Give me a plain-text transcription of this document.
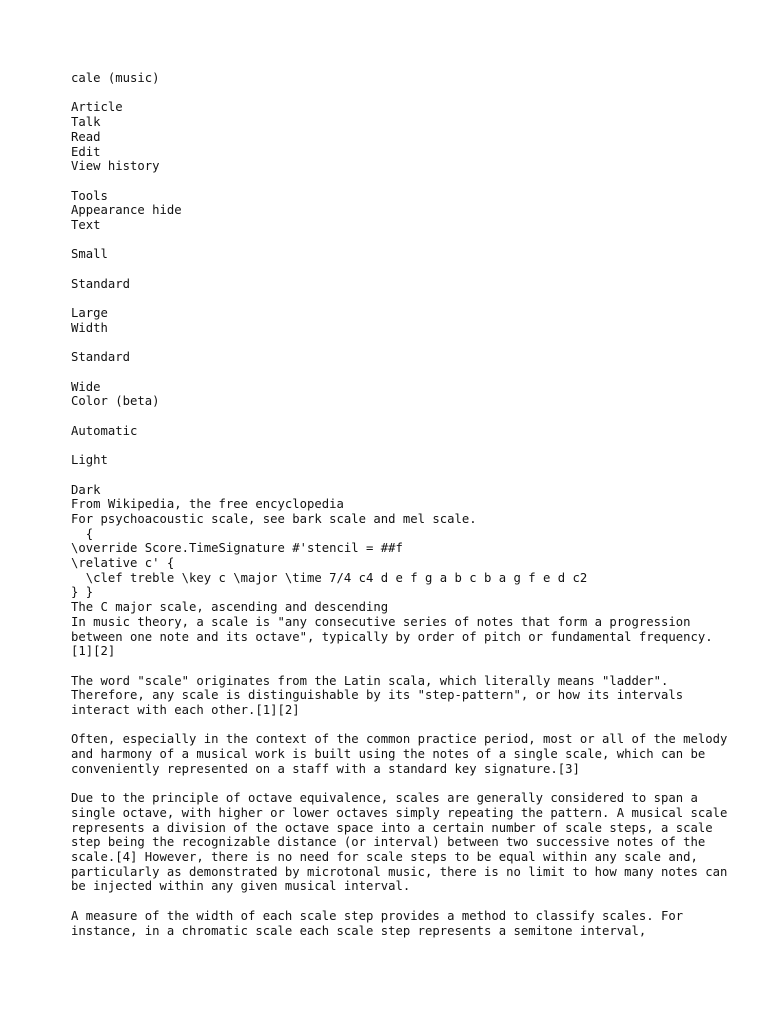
cale (music)
Article
Talk
Read
Edit
View history
Tools
Appearance hide
Text
Small
Standard
Large
Width
Standard
Wide
Color (beta)
Automatic
Light
Dark
From Wikipedia, the free encyclopedia
For psychoacoustic scale, see bark scale and mel scale.
{
\override Score.TimeSignature #'stencil = ##f
\relative c' {
\clef treble \key c \major \time 7/4 c4 d e f g a b c b a g f e d c2
} }
The C major scale, ascending and descending

In music theory, a scale is "any consecutive series of notes that form a progression between one note and its octave", typically by order of pitch or fundamental frequency.[1][2]

The word "scale" originates from the Latin scala, which literally means "ladder". Therefore, any scale is distinguishable by its "step-pattern", or how its intervals interact with each other.[1][2]

Often, especially in the context of the common practice period, most or all of the melody and harmony of a musical work is built using the notes of a single scale, which can be conveniently represented on a staff with a standard key signature.[3]

Due to the principle of octave equivalence, scales are generally considered to span a single octave, with higher or lower octaves simply repeating the pattern. A musical scale represents a division of the octave space into a certain number of scale steps, a scale step being the recognizable distance (or interval) between two successive notes of the scale.[4] However, there is no need for scale steps to be equal within any scale and, particularly as demonstrated by microtonal music, there is no limit to how many notes can be injected within any given musical interval.

A measure of the width of each scale step provides a method to classify scales. For instance, in a chromatic scale each scale step represents a semitone interval,
